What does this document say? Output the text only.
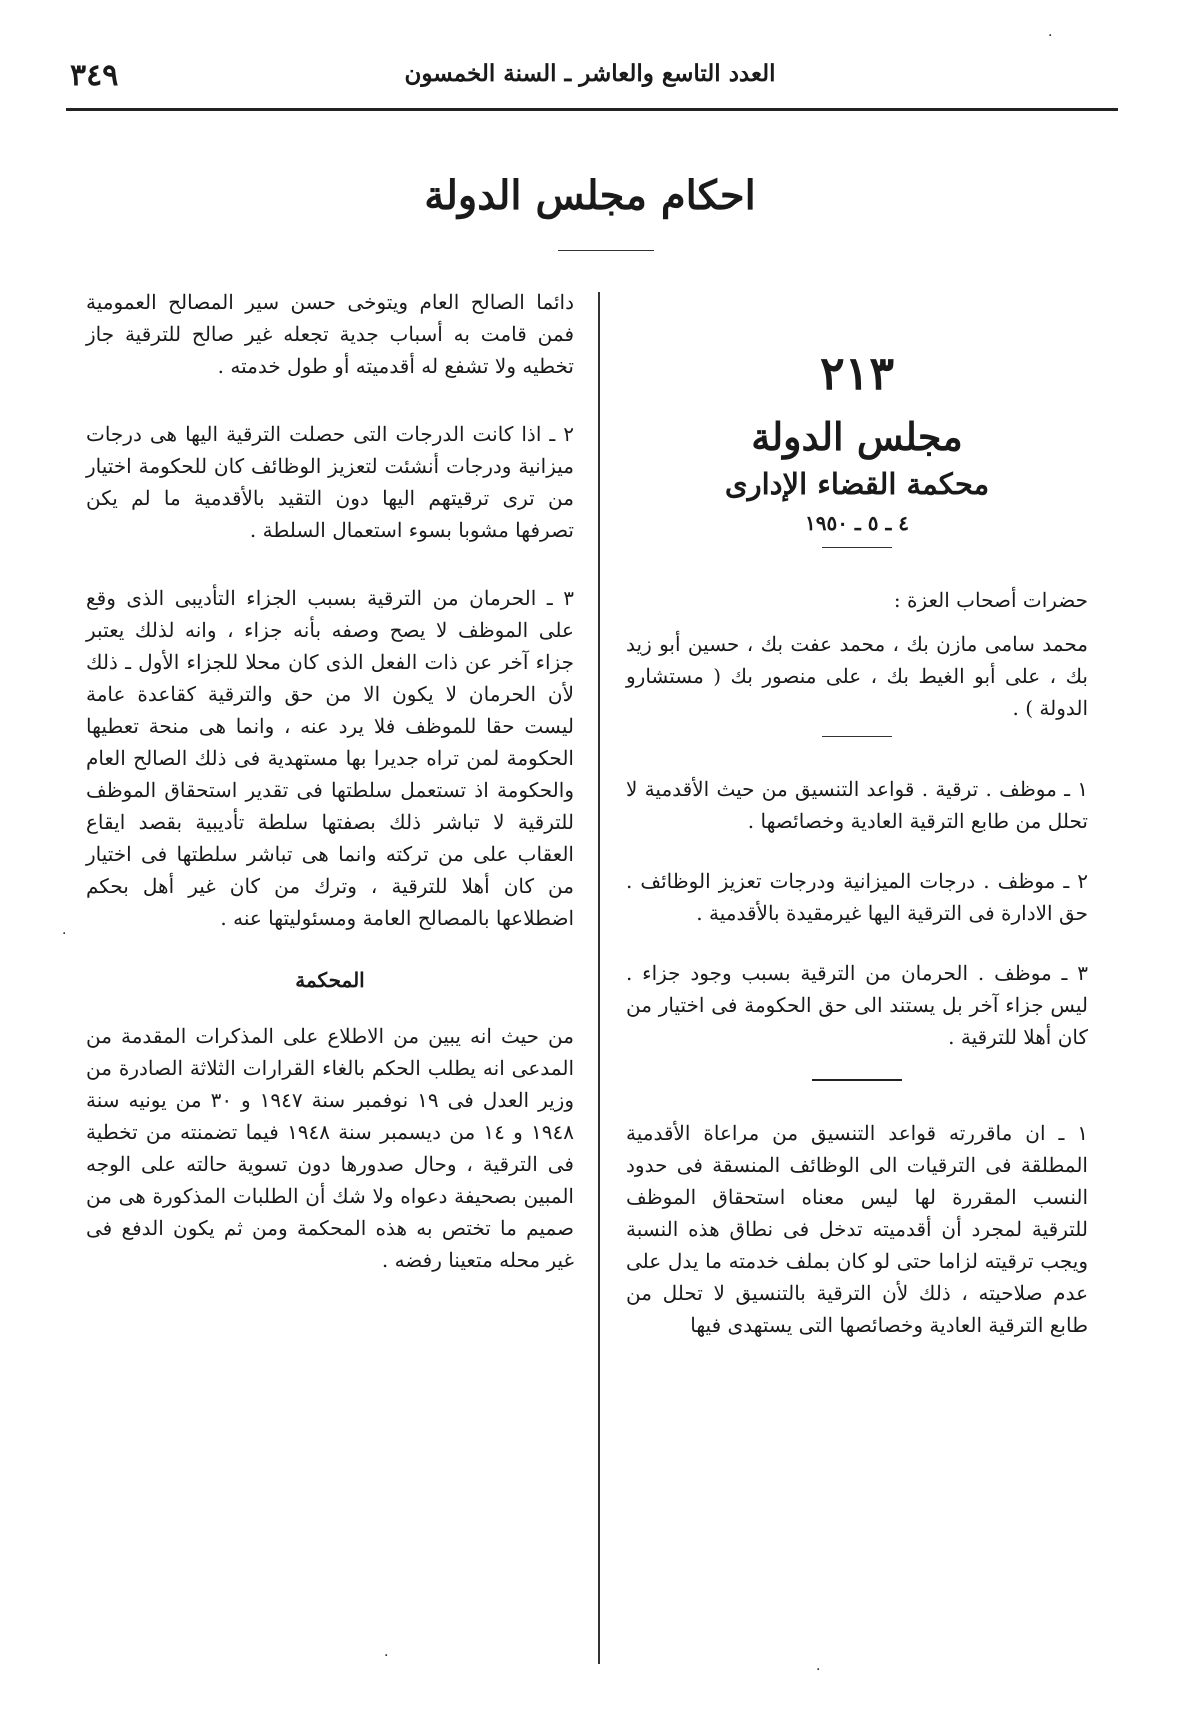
العدد التاسع والعاشر ـ السنة الخمسون
٣٤٩
احكام مجلس الدولة
٢١٣
مجلس الدولة
محكمة القضاء الإدارى
٤ ـ ٥ ـ ١٩٥٠

حضرات أصحاب العزة :

محمد سامى مازن بك ، محمد عفت بك ، حسين أبو زيد بك ، على أبو الغيط بك ، على منصور بك ( مستشارو الدولة ) .

١ ـ موظف . ترقية . قواعد التنسيق من حيث الأقدمية لا تحلل من طابع الترقية العادية وخصائصها .

٢ ـ موظف . درجات الميزانية ودرجات تعزيز الوظائف . حق الادارة فى الترقية اليها غيرمقيدة بالأقدمية .

٣ ـ موظف . الحرمان من الترقية بسبب وجود جزاء . ليس جزاء آخر بل يستند الى حق الحكومة فى اختيار من كان أهلا للترقية .

١ ـ ان ماقررته قواعد التنسيق من مراعاة الأقدمية المطلقة فى الترقيات الى الوظائف المنسقة فى حدود النسب المقررة لها ليس معناه استحقاق الموظف للترقية لمجرد أن أقدميته تدخل فى نطاق هذه النسبة ويجب ترقيته لزاما حتى لو كان بملف خدمته ما يدل على عدم صلاحيته ، ذلك لأن الترقية بالتنسيق لا تحلل من طابع الترقية العادية وخصائصها التى يستهدى فيها

دائما الصالح العام ويتوخى حسن سير المصالح العمومية فمن قامت به أسباب جدية تجعله غير صالح للترقية جاز تخطيه ولا تشفع له أقدميته أو طول خدمته .

٢ ـ اذا كانت الدرجات التى حصلت الترقية اليها هى درجات ميزانية ودرجات أنشئت لتعزيز الوظائف كان للحكومة اختيار من ترى ترقيتهم اليها دون التقيد بالأقدمية ما لم يكن تصرفها مشوبا بسوء استعمال السلطة .

٣ ـ الحرمان من الترقية بسبب الجزاء التأديبى الذى وقع على الموظف لا يصح وصفه بأنه جزاء ، وانه لذلك يعتبر جزاء آخر عن ذات الفعل الذى كان محلا للجزاء الأول ـ ذلك لأن الحرمان لا يكون الا من حق والترقية كقاعدة عامة ليست حقا للموظف فلا يرد عنه ، وانما هى منحة تعطيها الحكومة لمن تراه جديرا بها مستهدية فى ذلك الصالح العام والحكومة اذ تستعمل سلطتها فى تقدير استحقاق الموظف للترقية لا تباشر ذلك بصفتها سلطة تأديبية بقصد ايقاع العقاب على من تركته وانما هى تباشر سلطتها فى اختيار من كان أهلا للترقية ، وترك من كان غير أهل بحكم اضطلاعها بالمصالح العامة ومسئوليتها عنه .

المحكمة

من حيث انه يبين من الاطلاع على المذكرات المقدمة من المدعى انه يطلب الحكم بالغاء القرارات الثلاثة الصادرة من وزير العدل فى ١٩ نوفمبر سنة ١٩٤٧ و ٣٠ من يونيه سنة ١٩٤٨ و ١٤ من ديسمبر سنة ١٩٤٨ فيما تضمنته من تخطية فى الترقية ، وحال صدورها دون تسوية حالته على الوجه المبين بصحيفة دعواه ولا شك أن الطلبات المذكورة هى من صميم ما تختص به هذه المحكمة ومن ثم يكون الدفع فى غير محله متعينا رفضه .

·
·
·
·
